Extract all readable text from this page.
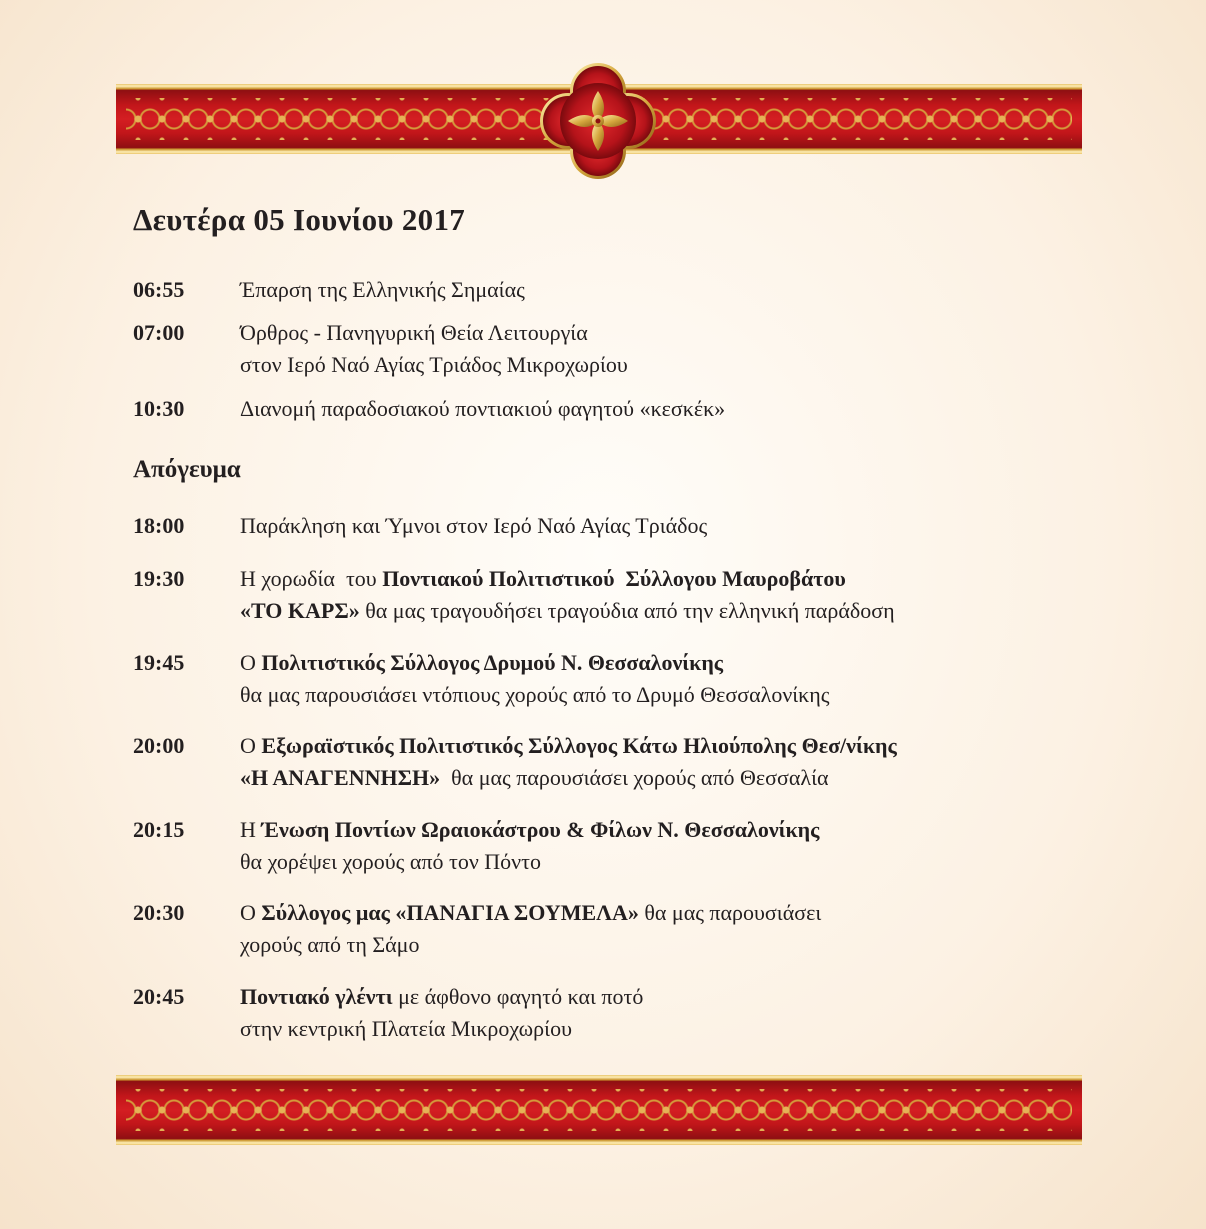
Δευτέρα 05 Ιουνίου 2017
06:55	Έπαρση της Ελληνικής Σημαίας
07:00	Όρθρος - Πανηγυρική Θεία Λειτουργία
στον Ιερό Ναό Αγίας Τριάδος Μικροχωρίου
10:30	Διανομή παραδοσιακού ποντιακιού φαγητού «κεσκέκ»
Απόγευμα
18:00	Παράκληση και Ύμνοι στον Ιερό Ναό Αγίας Τριάδος
19:30	Η χορωδία  του Ποντιακού Πολιτιστικού  Σύλλογου Μαυροβάτου
«ΤΟ ΚΑΡΣ» θα μας τραγουδήσει τραγούδια από την ελληνική παράδοση
19:45	Ο Πολιτιστικός Σύλλογος Δρυμού Ν. Θεσσαλονίκης
θα μας παρουσιάσει ντόπιους χορούς από το Δρυμό Θεσσαλονίκης
20:00	Ο Εξωραϊστικός Πολιτιστικός Σύλλογος Κάτω Ηλιούπολης Θεσ/νίκης
«Η ΑΝΑΓΕΝΝΗΣΗ»  θα μας παρουσιάσει χορούς από Θεσσαλία
20:15	Η Ένωση Ποντίων Ωραιοκάστρου & Φίλων Ν. Θεσσαλονίκης
θα χορέψει χορούς από τον Πόντο
20:30	Ο Σύλλογος μας «ΠΑΝΑΓΙΑ ΣΟΥΜΕΛΑ» θα μας παρουσιάσει
χορούς από τη Σάμο
20:45	Ποντιακό γλέντι με άφθονο φαγητό και ποτό
στην κεντρική Πλατεία Μικροχωρίου
